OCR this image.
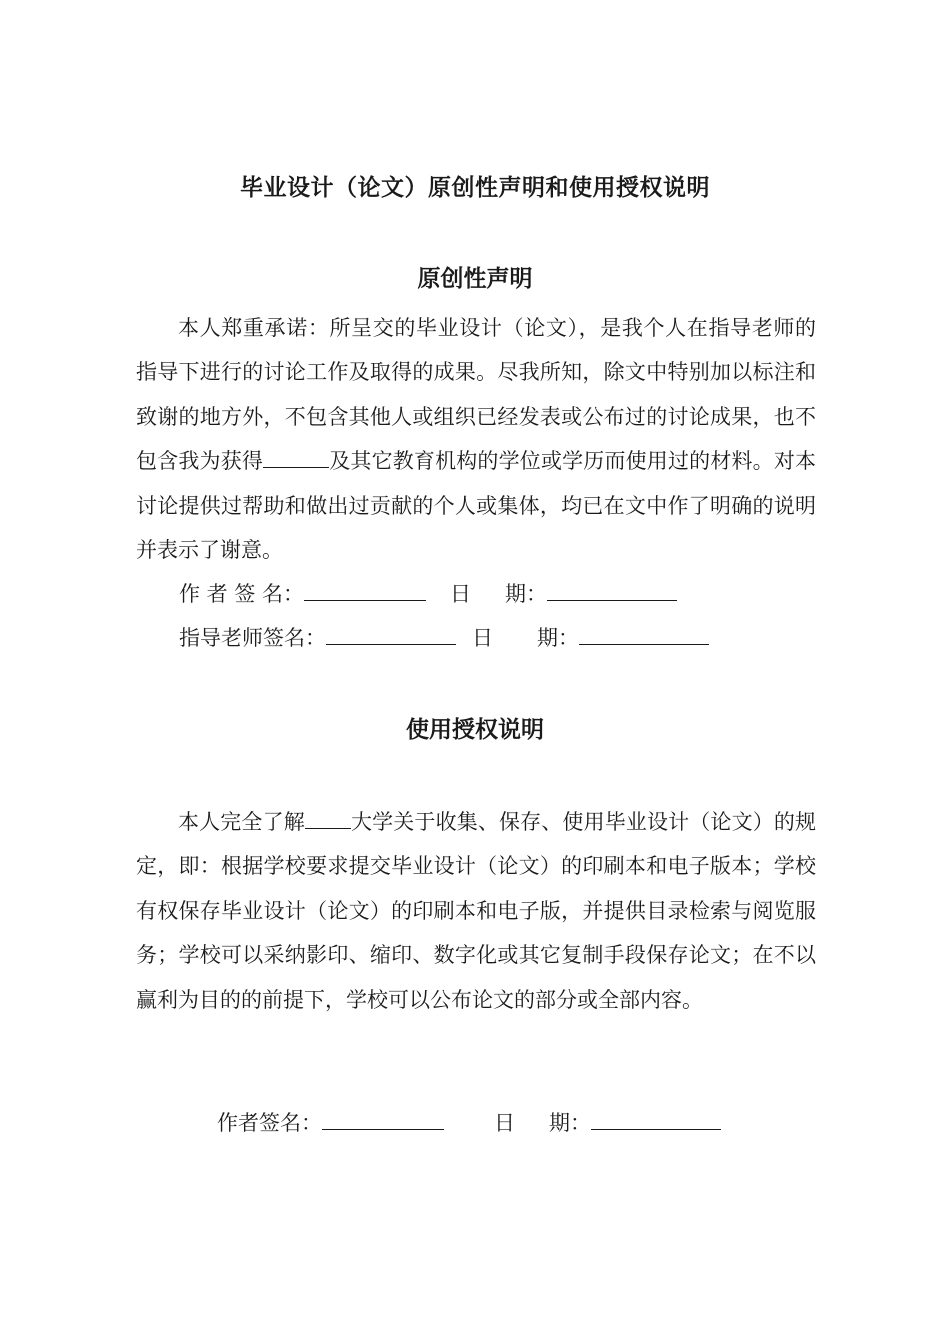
毕业设计（论文）原创性声明和使用授权说明
原创性声明

本人郑重承诺：所呈交的毕业设计（论文），是我个人在指导老师的指导下进行的讨论工作及取得的成果。尽我所知，除文中特别加以标注和致谢的地方外，不包含其他人或组织已经发表或公布过的讨论成果，也不包含我为获得	及其它教育机构的学位或学历而使用过的材料。对本讨论提供过帮助和做出过贡献的个人或集体，均已在文中作了明确的说明并表示了谢意。

作 者 签 名：	日 期：
指导老师签名：	日 期：
使用授权说明

本人完全了解 大学关于收集、保存、使用毕业设计（论文）的规定，即：根据学校要求提交毕业设计（论文）的印刷本和电子版本；学校有权保存毕业设计（论文）的印刷本和电子版，并提供目录检索与阅览服务；学校可以采纳影印、缩印、数字化或其它复制手段保存论文；在不以赢利为目的的前提下，学校可以公布论文的部分或全部内容。

作者签名：	日 期：
